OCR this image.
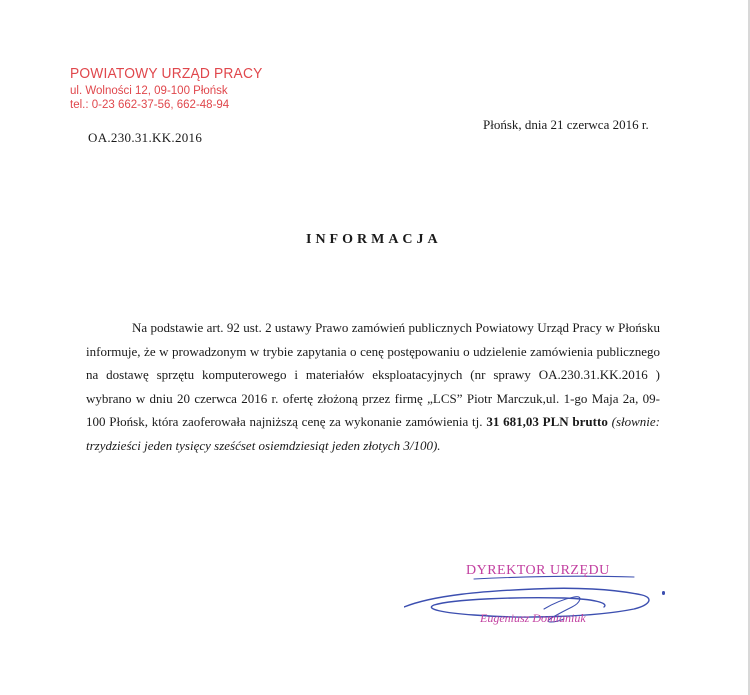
POWIATOWY URZĄD PRACY
ul. Wolności 12, 09-100 Płońsk
tel.: 0-23 662-37-56, 662-48-94
OA.230.31.KK.2016
Płońsk, dnia 21 czerwca 2016 r.
INFORMACJA
Na podstawie art. 92 ust. 2 ustawy Prawo zamówień publicznych Powiatowy Urząd Pracy w Płońsku informuje, że w prowadzonym w trybie zapytania o cenę postępowaniu o udzielenie zamówienia publicznego na dostawę sprzętu komputerowego i materiałów eksploatacyjnych (nr sprawy OA.230.31.KK.2016 ) wybrano w dniu 20 czerwca 2016 r. ofertę złożoną przez firmę „LCS” Piotr Marczuk,ul. 1-go Maja 2a, 09-100 Płońsk, która zaoferowała najniższą cenę za wykonanie zamówienia tj. 31 681,03 PLN brutto (słownie: trzydzieści jeden tysięcy sześćset osiemdziesiąt jeden złotych 3/100).
DYREKTOR URZĘDU
Eugeniusz Domianiuk
